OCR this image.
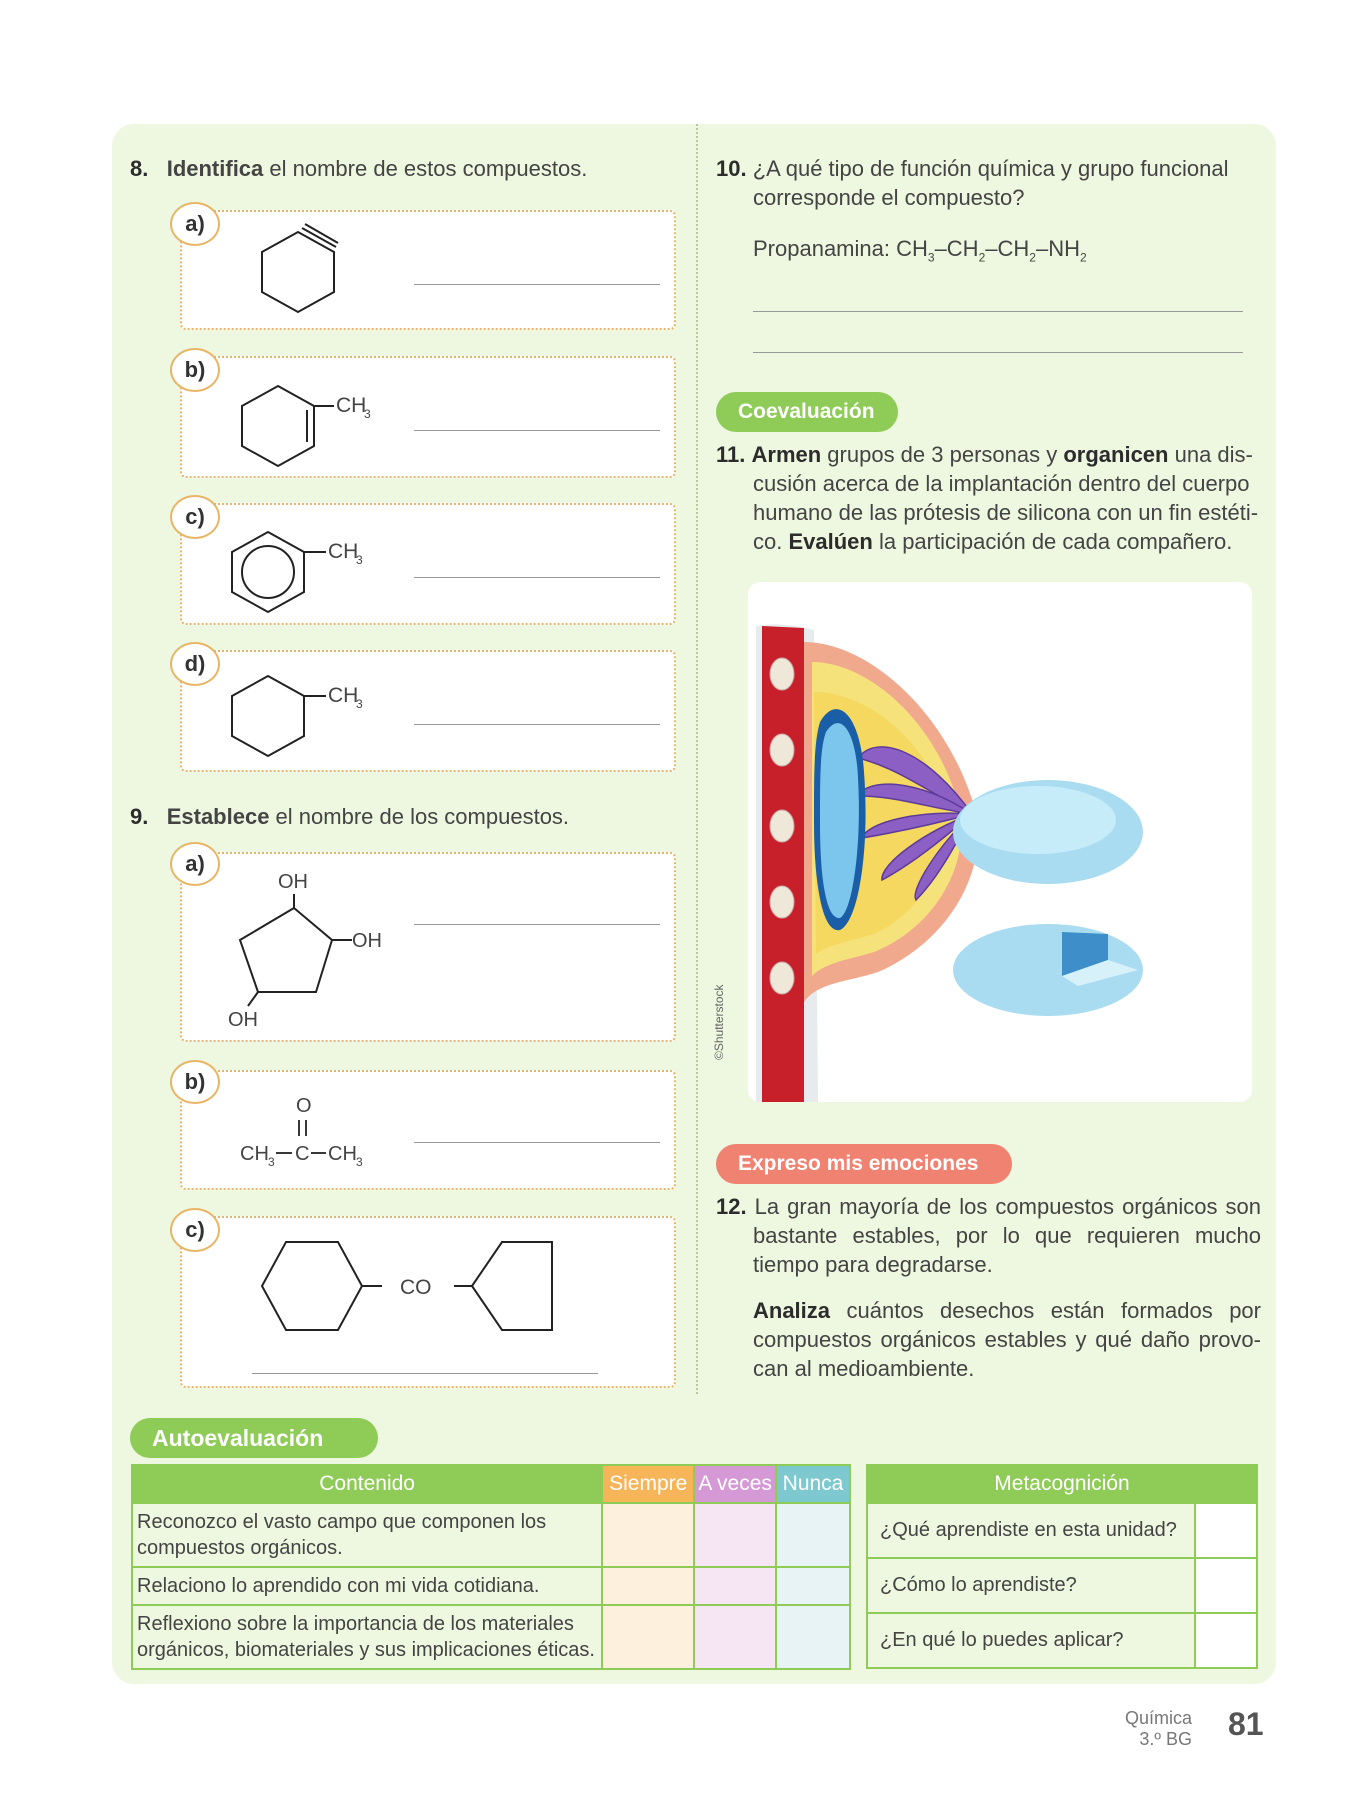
8. Identifica el nombre de estos compuestos.
a)
b)
CH
3
c)
CH
3
d)
CH
3
9. Establece el nombre de los compuestos.
a)
OH
OH
OH
b)
O
CH 3 C CH 3
c)
CO
10. ¿A qué tipo de función química y grupo funcional
corresponde el compuesto?
Propanamina: $CH_3-CH_2-CH_2-NH_2$
Coevaluación
11. Armen grupos de 3 personas y organicen una dis-
cusión acerca de la implantación dentro del cuerpo
humano de las prótesis de silicona con un fin estéti-
co. Evalúen la participación de cada compañero.
©Shutterstock
Expreso mis emociones
12. La gran mayoría de los compuestos orgánicos son
bastante estables, por lo que requieren mucho
tiempo para degradarse.
Analiza cuántos desechos están formados por
compuestos orgánicos estables y qué daño provo-
can al medioambiente.
Autoevaluación
Contenido	Siempre	A veces	Nunca
Reconozco el vasto campo que componen los compuestos orgánicos.			
Relaciono lo aprendido con mi vida cotidiana.			
Reflexiono sobre la importancia de los materiales orgánicos, biomateriales y sus implicaciones éticas.			
Metacognición	
¿Qué aprendiste en esta unidad?	
¿Cómo lo aprendiste?	
¿En qué lo puedes aplicar?	
Química
3.º BG 81
